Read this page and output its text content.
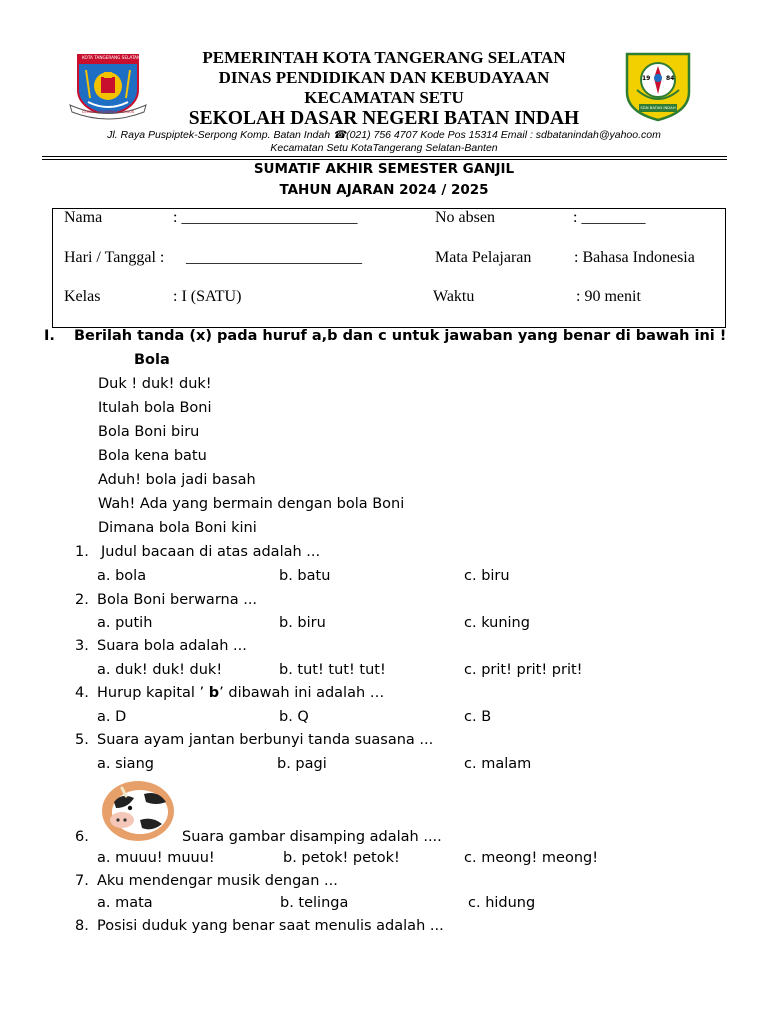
KOTA TANGERANG SELATAN
CERDAS MODERN RELIGIUS
19	84
SDN BATAN INDAH
PEMERINTAH KOTA TANGERANG SELATAN
DINAS PENDIDIKAN DAN KEBUDAYAAN
KECAMATAN SETU
SEKOLAH DASAR NEGERI BATAN INDAH
Jl. Raya Puspiptek-Serpong Komp. Batan Indah ☎(021) 756 4707 Kode Pos 15314 Email : sdbatanindah@yahoo.com
Kecamatan Setu KotaTangerang Selatan-Banten
SUMATIF AKHIR SEMESTER GANJIL
TAHUN AJARAN 2024 / 2025
Nama	: ______________________	No absen	: ________
Hari / Tanggal : ______________________	Mata Pelajaran	: Bahasa Indonesia
Kelas	: I (SATU)	Waktu	: 90 menit
I. Berilah tanda (x) pada huruf a,b dan c untuk jawaban yang benar di bawah ini !
Bola
Duk ! duk! duk!
Itulah bola Boni
Bola Boni biru
Bola kena batu
Aduh! bola jadi basah
Wah! Ada yang bermain dengan bola Boni
Dimana bola Boni kini
1. Judul bacaan di atas adalah ...
a. bola	b. batu	c. biru
2. Bola Boni berwarna ...
a. putih	b. biru	c. kuning
3. Suara bola adalah ...
a. duk! duk! duk!	b. tut! tut! tut!	c. prit! prit! prit!
4. Hurup kapital ’ b’ dibawah ini adalah …
a. D	b. Q	c. B
5. Suara ayam jantan berbunyi tanda suasana ...
a. siang	b. pagi	c. malam
6.	Suara gambar disamping adalah ....
a. muuu! muuu!	b. petok! petok!	c. meong! meong!
7. Aku mendengar musik dengan ...
a. mata	b. telinga	c. hidung
8. Posisi duduk yang benar saat menulis adalah ...
